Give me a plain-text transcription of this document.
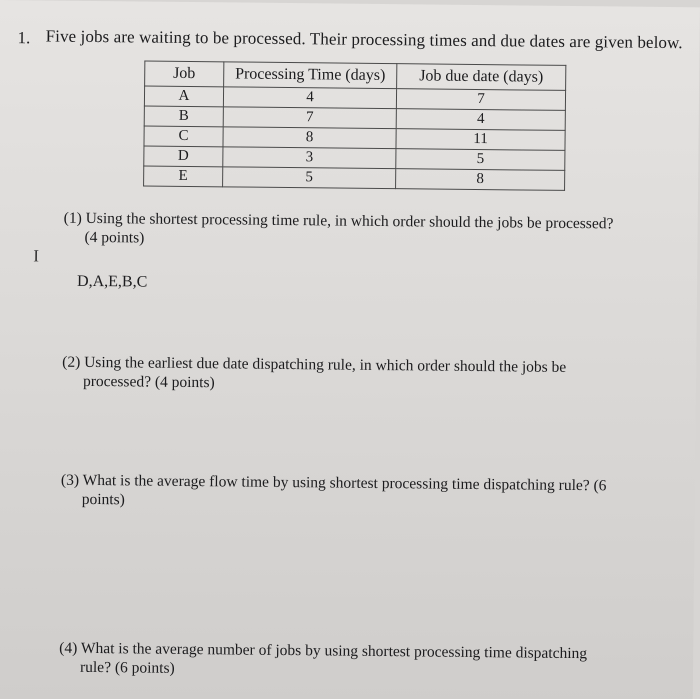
1. Five jobs are waiting to be processed. Their processing times and due dates are given below.
Job	Processing Time (days)	Job due date (days)
A	4	7
B	7	4
C	8	11
D	3	5
E	5	8
(1) Using the shortest processing time rule, in which order should the jobs be processed?
(4 points)
I
D,A,E,B,C
(2) Using the earliest due date dispatching rule, in which order should the jobs be
processed? (4 points)
(3) What is the average flow time by using shortest processing time dispatching rule? (6
points)
(4) What is the average number of jobs by using shortest processing time dispatching
rule? (6 points)
